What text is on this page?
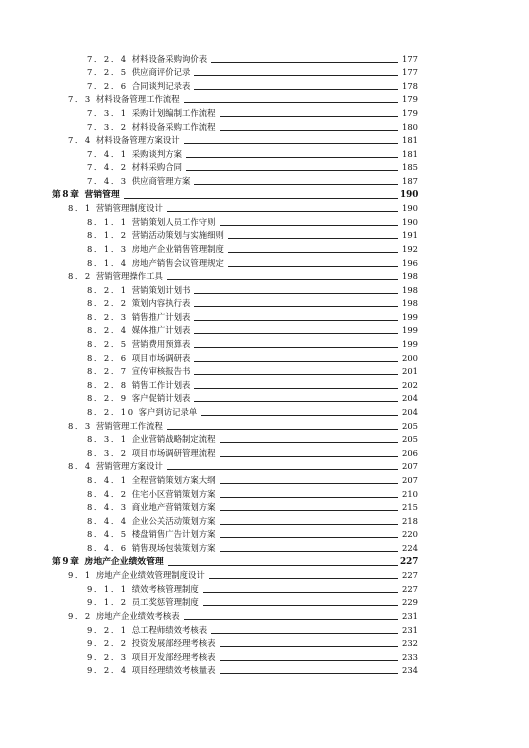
7．2．4 材料设备采购询价表	177
7．2．5 供应商评价记录	177
7．2．6 合同谈判记录表	178
7．3 材料设备管理工作流程	179
7．3．1 采购计划编制工作流程	179
7．3．2 材料设备采购工作流程	180
7．4 材料设备管理方案设计	181
7．4．1 采购谈判方案	181
7．4．2 材料采购合同	185
7．4．3 供应商管理方案	187
第8章 营销管理	190
8．1 营销管理制度设计	190
8．1．1 营销策划人员工作守则	190
8．1．2 营销活动策划与实施细则	191
8．1．3 房地产企业销售管理制度	192
8．1．4 房地产销售会议管理规定	196
8．2 营销管理操作工具	198
8．2．1 营销策划计划书	198
8．2．2 策划内容执行表	198
8．2．3 销售推广计划表	199
8．2．4 媒体推广计划表	199
8．2．5 营销费用预算表	199
8．2．6 项目市场调研表	200
8．2．7 宣传审核报告书	201
8．2．8 销售工作计划表	202
8．2．9 客户促销计划表	204
8．2．10 客户到访记录单	204
8．3 营销管理工作流程	205
8．3．1 企业营销战略制定流程	205
8．3．2 项目市场调研管理流程	206
8．4 营销管理方案设计	207
8．4．1 全程营销策划方案大纲	207
8．4．2 住宅小区营销策划方案	210
8．4．3 商业地产营销策划方案	215
8．4．4 企业公关活动策划方案	218
8．4．5 楼盘销售广告计划方案	220
8．4．6 销售现场包装策划方案	224
第9章 房地产企业绩效管理	227
9．1 房地产企业绩效管理制度设计	227
9．1．1 绩效考核管理制度	227
9．1．2 员工奖惩管理制度	229
9．2 房地产企业绩效考核表	231
9．2．1 总工程师绩效考核表	231
9．2．2 投资发展部经理考核表	232
9．2．3 项目开发部经理考核表	233
9．2．4 项目经理绩效考核量表	234
